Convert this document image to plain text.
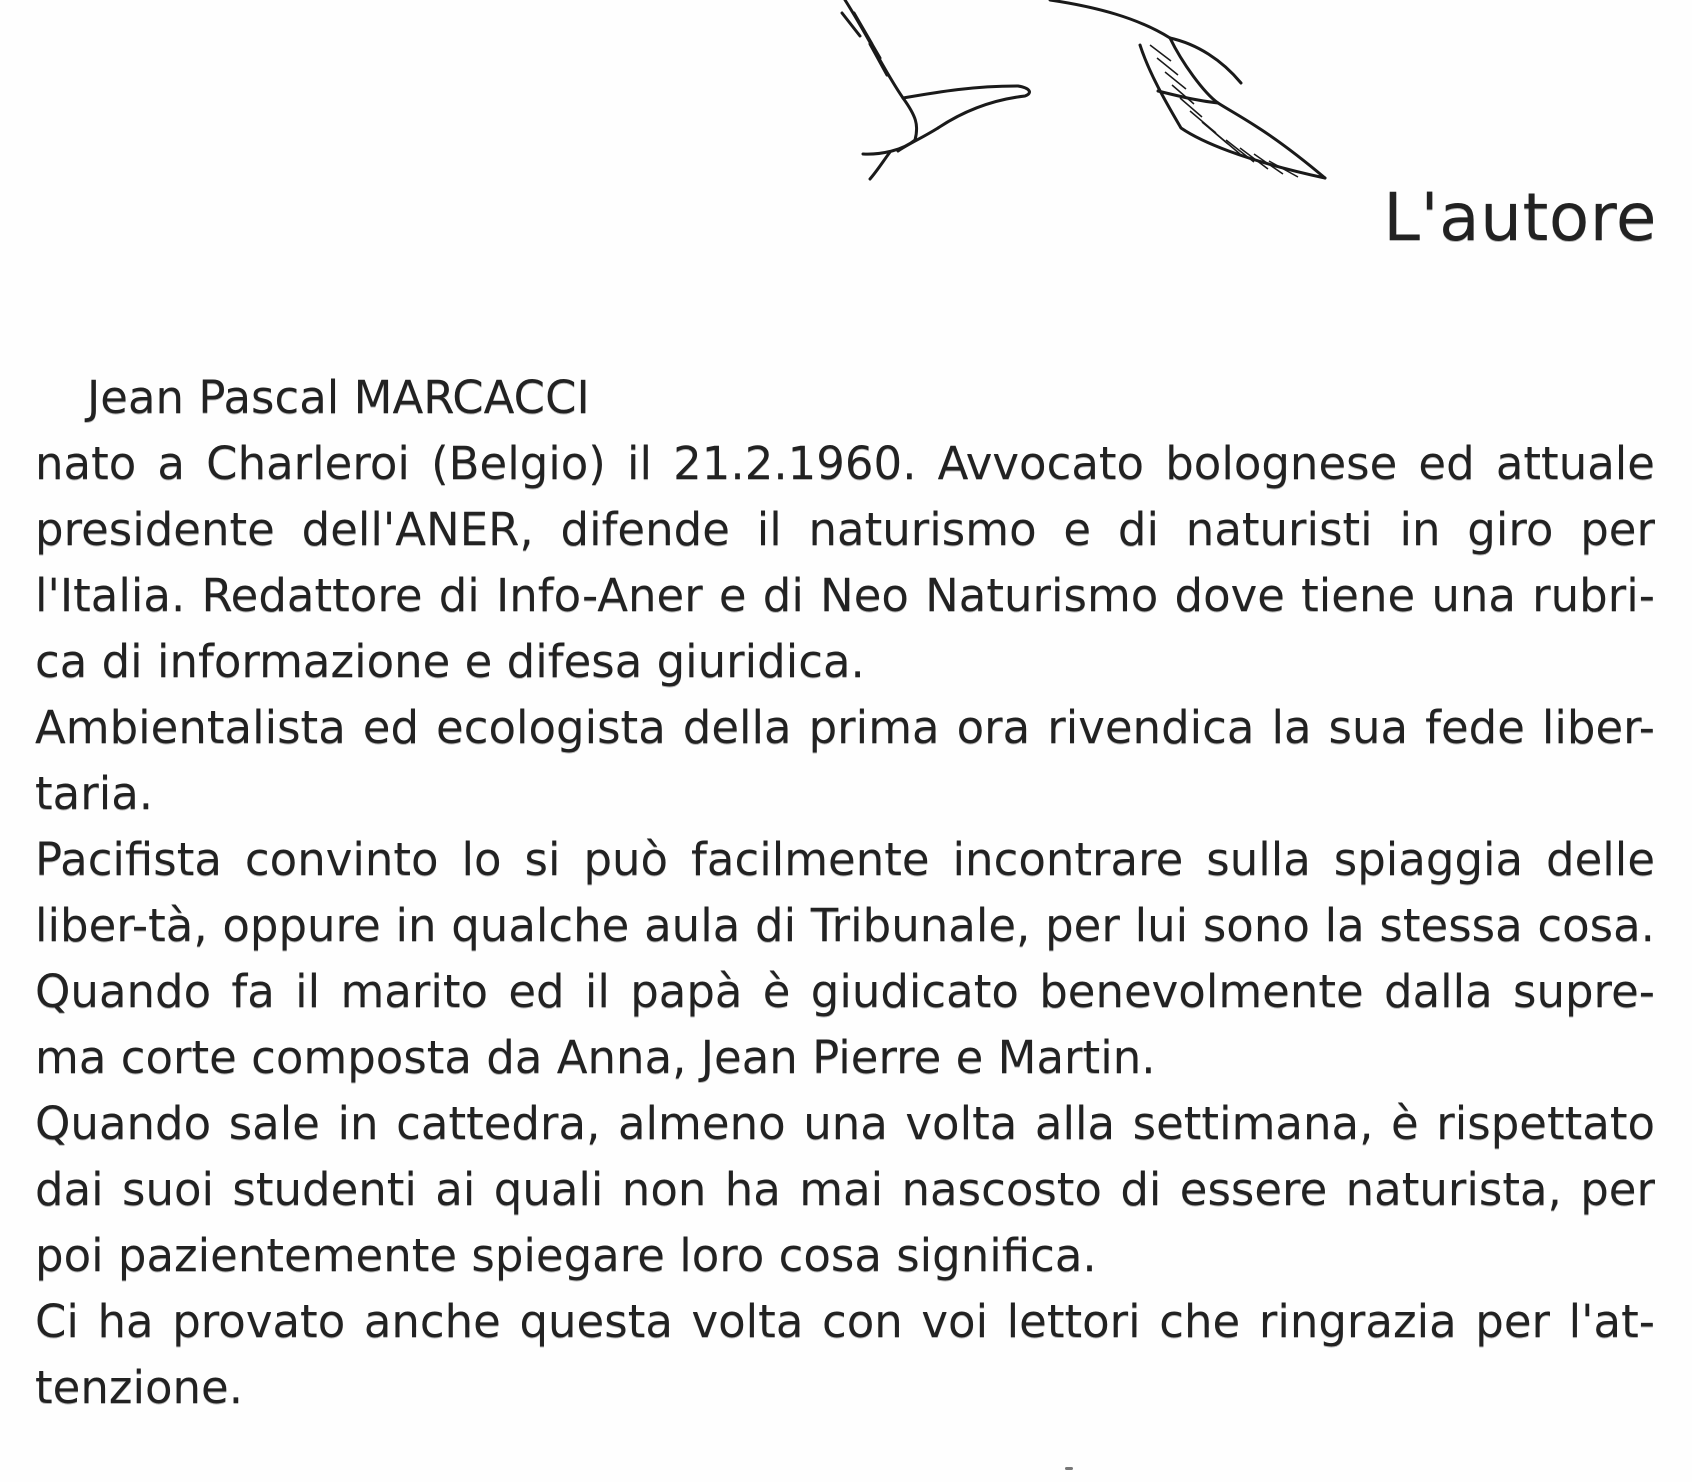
L'autore

Jean Pascal MARCACCI

nato a Charleroi (Belgio) il 21.2.1960. Avvocato bolognese ed attuale presidente dell'ANER, difende il naturismo e di naturisti in giro per l'Italia. Redattore di Info-Aner e di Neo Naturismo dove tiene una rubri-ca di informazione e difesa giuridica.

Ambientalista ed ecologista della prima ora rivendica la sua fede liber-taria.

Pacifista convinto lo si può facilmente incontrare sulla spiaggia delle liber-tà, oppure in qualche aula di Tribunale, per lui sono la stessa cosa. Quando fa il marito ed il papà è giudicato benevolmente dalla supre-ma corte composta da Anna, Jean Pierre e Martin.

Quando sale in cattedra, almeno una volta alla settimana, è rispettato dai suoi studenti ai quali non ha mai nascosto di essere naturista, per poi pazientemente spiegare loro cosa significa.

Ci ha provato anche questa volta con voi lettori che ringrazia per l'at-tenzione.
